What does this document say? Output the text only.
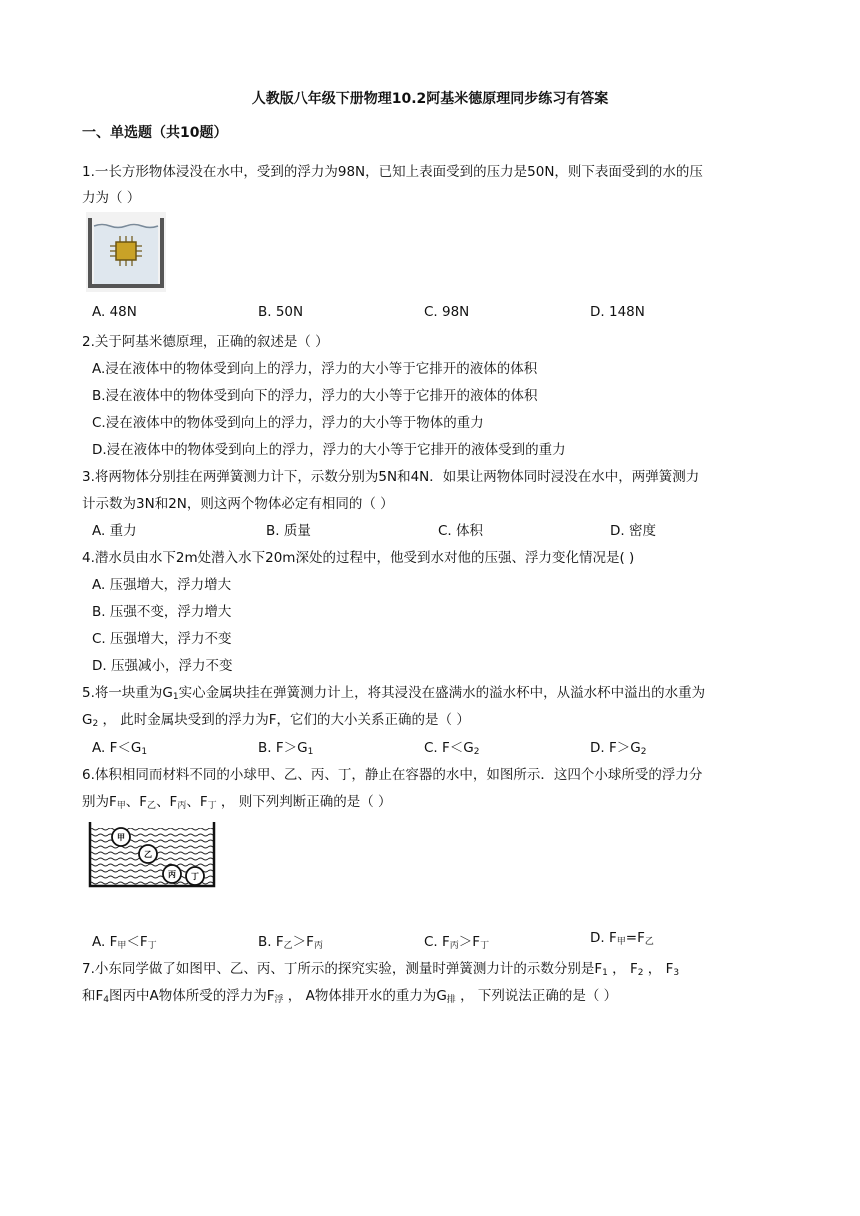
人教版八年级下册物理10.2阿基米德原理同步练习有答案
一、单选题（共10题）
1.一长方形物体浸没在水中，受到的浮力为98N，已知上表面受到的压力是50N，则下表面受到的水的压
力为（ ）
A. 48N	B. 50N	C. 98N	D. 148N
2.关于阿基米德原理，正确的叙述是（ ）
A.浸在液体中的物体受到向上的浮力，浮力的大小等于它排开的液体的体积
B.浸在液体中的物体受到向下的浮力，浮力的大小等于它排开的液体的体积
C.浸在液体中的物体受到向上的浮力，浮力的大小等于物体的重力
D.浸在液体中的物体受到向上的浮力，浮力的大小等于它排开的液体受到的重力
3.将两物体分别挂在两弹簧测力计下，示数分别为5N和4N．如果让两物体同时浸没在水中，两弹簧测力
计示数为3N和2N，则这两个物体必定有相同的（ ）
A. 重力	B. 质量	C. 体积	D. 密度
4.潜水员由水下2m处潜入水下20m深处的过程中，他受到水对他的压强、浮力变化情况是( )
A. 压强增大，浮力增大
B. 压强不变，浮力增大
C. 压强增大，浮力不变
D. 压强减小，浮力不变
5.将一块重为$G_1$实心金属块挂在弹簧测力计上，将其浸没在盛满水的溢水杯中，从溢水杯中溢出的水重为
$G_2$ ， 此时金属块受到的浮力为F，它们的大小关系正确的是（ ）
A. $F<G_1$	B. $F>G_1$	C. $F<G_2$	D. $F>G_2$
6.体积相同而材料不同的小球甲、乙、丙、丁，静止在容器的水中，如图所示．这四个小球所受的浮力分
别为$F_甲$、$F_乙$、$F_丙$、$F_丁$ ， 则下列判断正确的是（ ）
甲
乙
丙 丁
A. $F_甲<F_丁$	B. $F_乙>F_丙$	C. $F_丙>F_丁$	D. $F_甲=F_乙$
7.小东同学做了如图甲、乙、丙、丁所示的探究实验，测量时弹簧测力计的示数分别是$F_1$ ， $F_2$ ， $F_3$
和$F_4$图丙中A物体所受的浮力为$F_浮$ ， A物体排开水的重力为$G_排$ ， 下列说法正确的是（ ）
